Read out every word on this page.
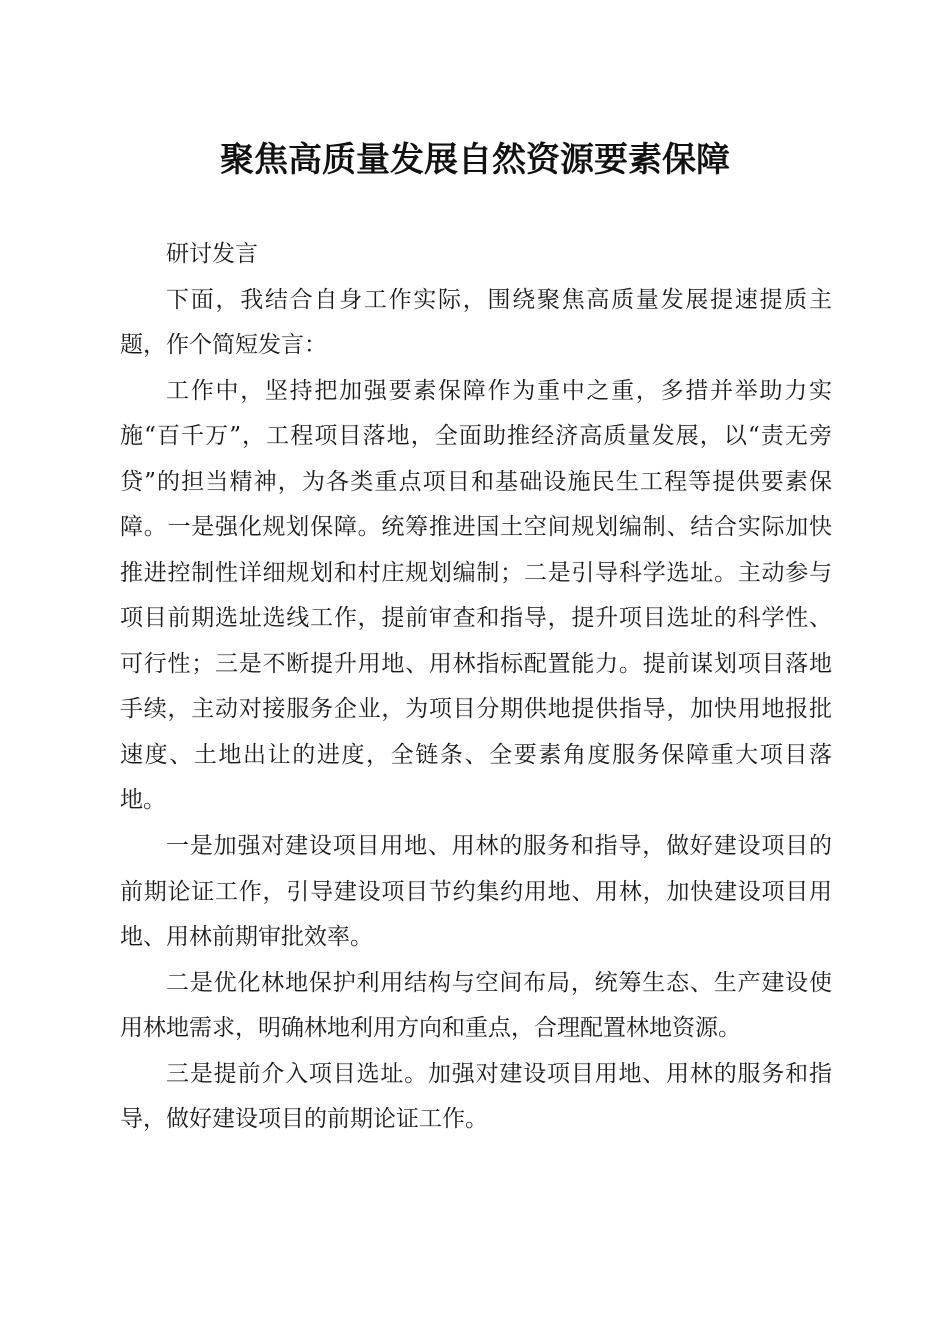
聚焦高质量发展自然资源要素保障

研讨发言

下面，我结合自身工作实际，围绕聚焦高质量发展提速提质主题，作个简短发言：

工作中，坚持把加强要素保障作为重中之重，多措并举助力实施“百千万”，工程项目落地，全面助推经济高质量发展，以“责无旁贷”的担当精神，为各类重点项目和基础设施民生工程等提供要素保障。一是强化规划保障。统筹推进国土空间规划编制、结合实际加快推进控制性详细规划和村庄规划编制；二是引导科学选址。主动参与项目前期选址选线工作，提前审查和指导，提升项目选址的科学性、可行性；三是不断提升用地、用林指标配置能力。提前谋划项目落地手续，主动对接服务企业，为项目分期供地提供指导，加快用地报批速度、土地出让的进度，全链条、全要素角度服务保障重大项目落地。

一是加强对建设项目用地、用林的服务和指导，做好建设项目的前期论证工作，引导建设项目节约集约用地、用林，加快建设项目用地、用林前期审批效率。

二是优化林地保护利用结构与空间布局，统筹生态、生产建设使用林地需求，明确林地利用方向和重点，合理配置林地资源。

三是提前介入项目选址。加强对建设项目用地、用林的服务和指导，做好建设项目的前期论证工作。
